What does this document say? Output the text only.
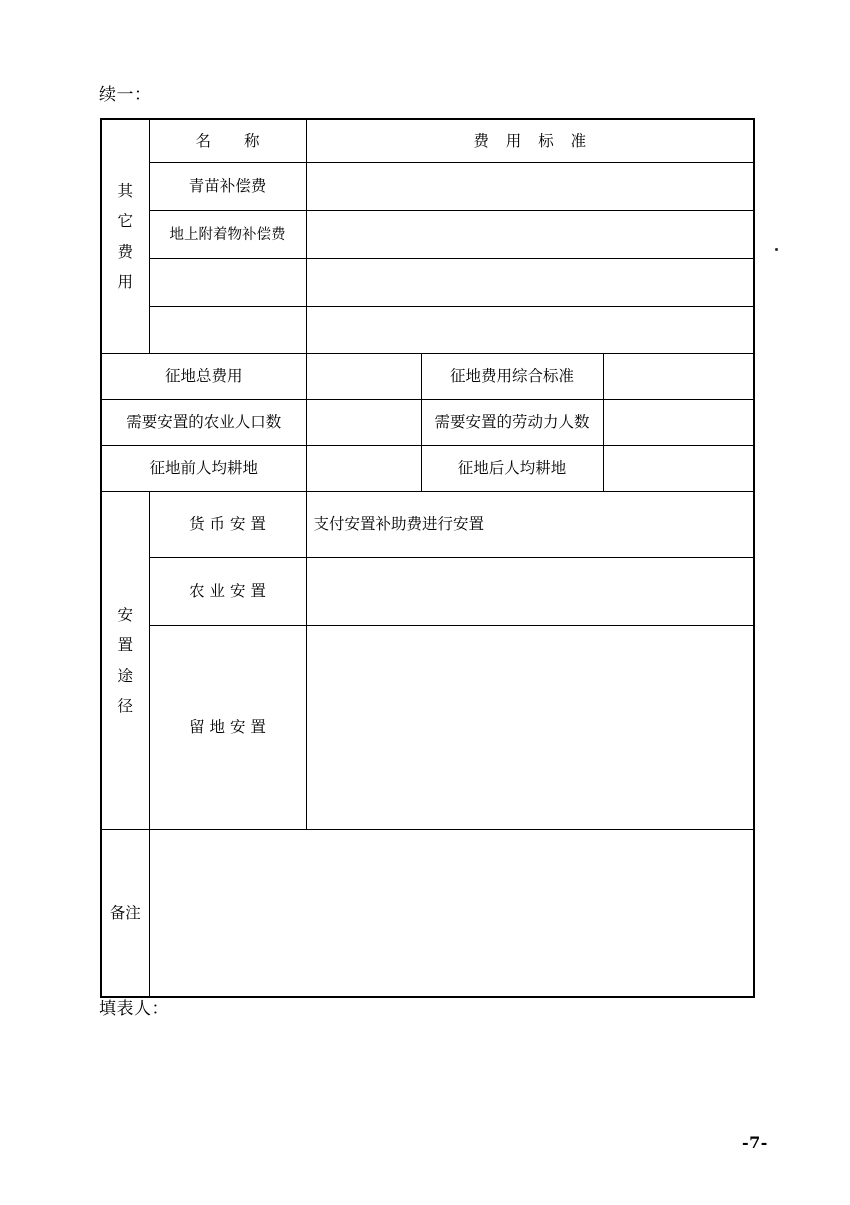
续一：
其
它
费
用	名 称	费 用 标 准		
	青苗补偿费			
	地上附着物补偿费			

征地总费用			征地费用综合标准	
需要安置的农业人口数			需要安置的劳动力人数	
征地前人均耕地			征地后人均耕地	

安
置
途
径	货 币 安 置	支付安置补助费进行安置		

	农 业 安 置			

	留 地 安 置			

备注				
填表人：
-7-
